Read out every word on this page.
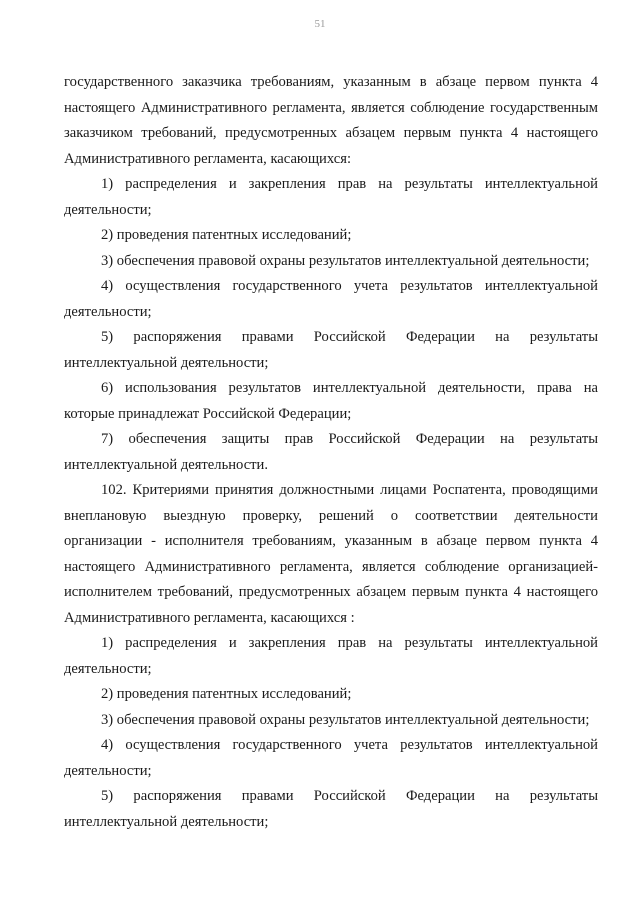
51

государственного заказчика требованиям, указанным в абзаце первом пункта 4 настоящего Административного регламента, является соблюдение государственным заказчиком требований, предусмотренных абзацем первым пункта 4 настоящего Административного регламента, касающихся:

1) распределения и закрепления прав на результаты интеллектуальной деятельности;

2) проведения патентных исследований;

3) обеспечения правовой охраны результатов интеллектуальной деятельности;

4) осуществления государственного учета результатов интеллектуальной деятельности;

5) распоряжения правами Российской Федерации на результаты интеллектуальной деятельности;

6) использования результатов интеллектуальной деятельности, права на которые принадлежат Российской Федерации;

7) обеспечения защиты прав Российской Федерации на результаты интеллектуальной деятельности.

102. Критериями принятия должностными лицами Роспатента, проводящими внеплановую выездную проверку, решений о соответствии деятельности организации - исполнителя требованиям, указанным в абзаце первом пункта 4 настоящего Административного регламента, является соблюдение организацией-исполнителем требований, предусмотренных абзацем первым пункта 4 настоящего Административного регламента, касающихся :

1) распределения и закрепления прав на результаты интеллектуальной деятельности;

2) проведения патентных исследований;

3) обеспечения правовой охраны результатов интеллектуальной деятельности;

4) осуществления государственного учета результатов интеллектуальной деятельности;

5) распоряжения правами Российской Федерации на результаты интеллектуальной деятельности;
